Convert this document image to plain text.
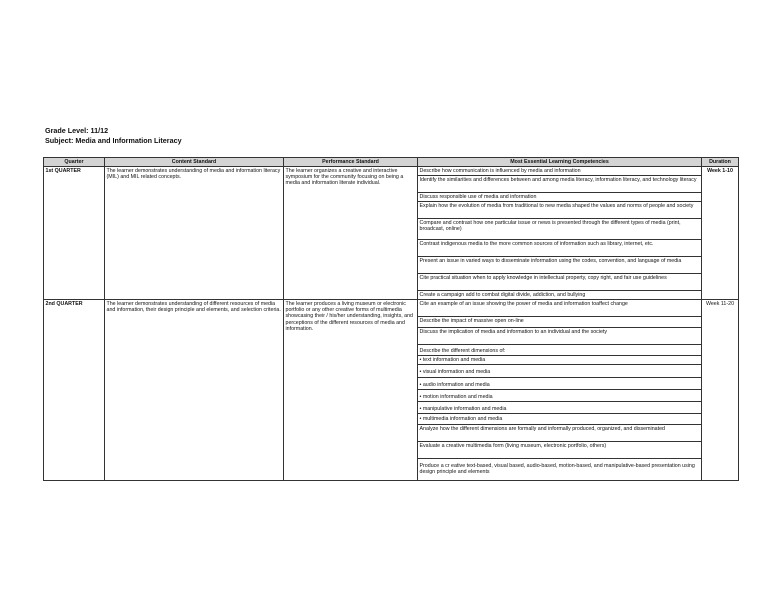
Grade Level: 11/12
Subject: Media and Information Literacy
Quarter	Content Standard	Performance Standard	Most Essential Learning Competencies	Duration
1st QUARTER	The learner demonstrates understanding of media and information literacy (MIL) and MIL related concepts.	The learner organizes a creative and interactive symposium for the community focusing on being a media and information literate individual.	Describe how communication is influenced by media and information	Week 1-10
			Identify the similarities and differences between and among media literacy, information literacy, and technology literacy	
			Discuss responsible use of media and information	
			Explain how the evolution of media from traditional to new media shaped the values and norms of people and society	
			Compare and contrast how one particular issue or news is presented through the different types of media (print, broadcast, online)	
			Contrast indigenous media to the more common sources of information such as library, internet, etc.	
			Present an issue in varied ways to disseminate information using the codes, convention, and language of media	
			Cite practical situation when to apply knowledge in intellectual property, copy right, and fair use guidelines	
			Create a campaign add to combat digital divide, addiction, and bullying	
2nd QUARTER	The learner demonstrates understanding of different resources of media and information, their design principle and elements, and selection criteria.	The learner produces a living museum or electronic portfolio or any other creative forms of multimedia showcasing their / his/her understanding, insights, and perceptions of the different resources of media and information.	Cite an example of an issue showing the power of media and information toaffect change	Week 11-20
			Describe the impact of massive open on-line	
			Discuss the implication of media and information to an individual and the society	
			Describe the different dimensions of:	
			• text information and media	
			• visual information and media	
			• audio information and media	
			• motion information and media	
			• manipulative information and media	
			• multimedia information and media	
			Analyze how the different dimensions are formally and informally produced, organized, and disseminated	
			Evaluate a creative multimedia form (living museum, electronic portfolio, others)	
			Produce a cr eative text-based, visual based, audio-based, motion-based, and manipulative-based presentation using design principle and elements	
